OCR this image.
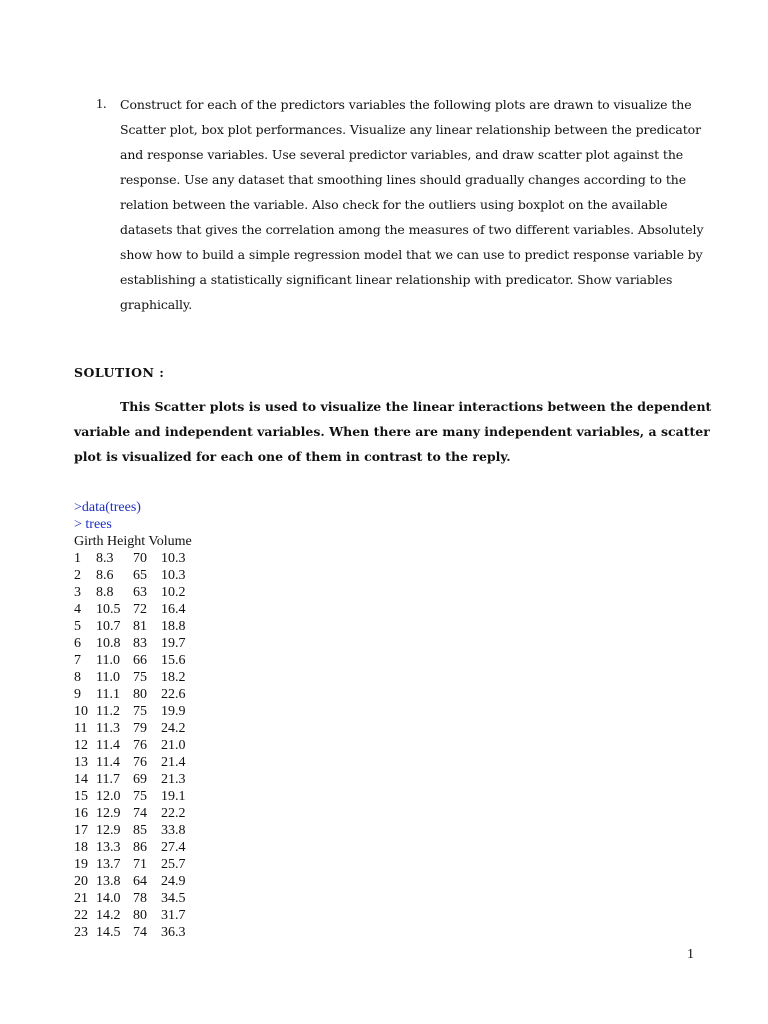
1. Construct for each of the predictors variables the following plots are drawn to visualize the
Scatter plot, box plot performances. Visualize any linear relationship between the predicator
and response variables. Use several predictor variables, and draw scatter plot against the
response. Use any dataset that smoothing lines should gradually changes according to the
relation between the variable. Also check for the outliers using boxplot on the available
datasets that gives the correlation among the measures of two different variables. Absolutely
show how to build a simple regression model that we can use to predict response variable by
establishing a statistically significant linear relationship with predicator. Show variables
graphically.

SOLUTION :

This Scatter plots is used to visualize the linear interactions between the dependent
variable and independent variables. When there are many independent variables, a scatter
plot is visualized for each one of them in contrast to the reply.

>data(trees)
> trees
Girth Height Volume
1 8.3 70 10.3
2 8.6 65 10.3
3 8.8 63 10.2
4 10.5 72 16.4
5 10.7 81 18.8
6 10.8 83 19.7
7 11.0 66 15.6
8 11.0 75 18.2
9 11.1 80 22.6
10 11.2 75 19.9
11 11.3 79 24.2
12 11.4 76 21.0
13 11.4 76 21.4
14 11.7 69 21.3
15 12.0 75 19.1
16 12.9 74 22.2
17 12.9 85 33.8
18 13.3 86 27.4
19 13.7 71 25.7
20 13.8 64 24.9
21 14.0 78 34.5
22 14.2 80 31.7
23 14.5 74 36.3
1
